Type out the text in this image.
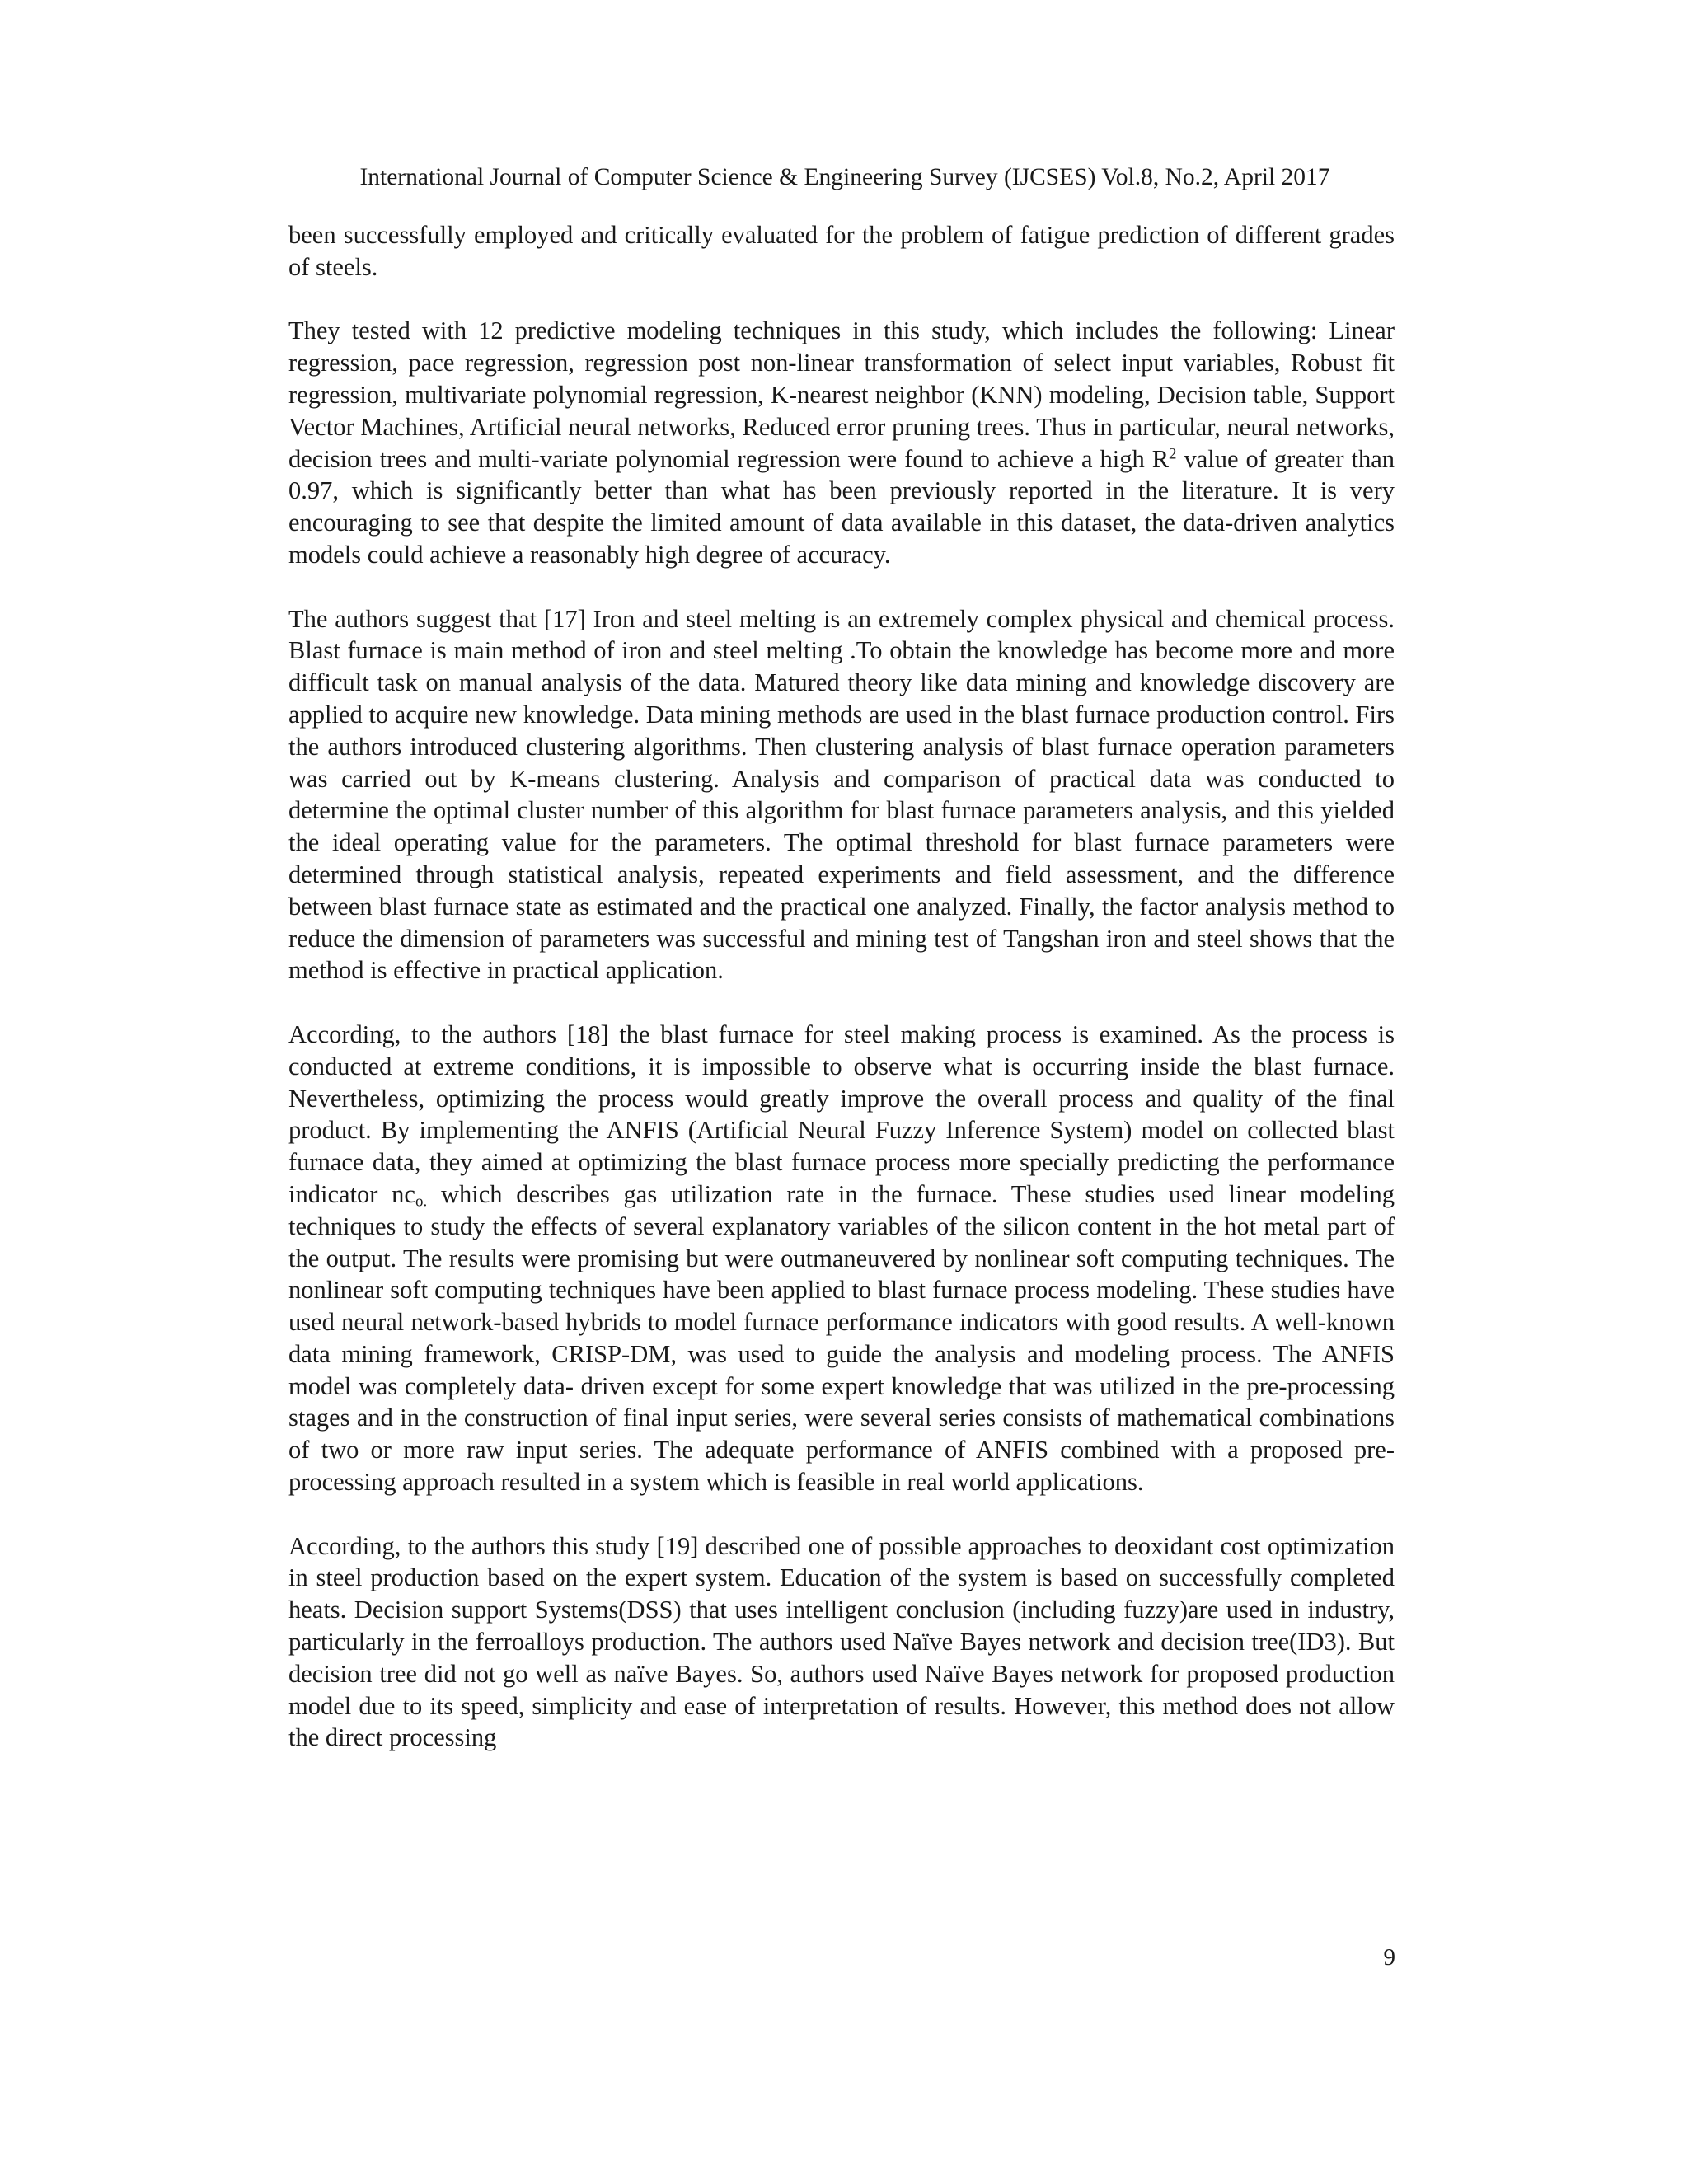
International Journal of Computer Science & Engineering Survey (IJCSES) Vol.8, No.2, April 2017

been successfully employed and critically evaluated for the problem of fatigue prediction of different grades of steels.

They tested with 12 predictive modeling techniques in this study, which includes the following: Linear regression, pace regression, regression post non-linear transformation of select input variables, Robust fit regression, multivariate polynomial regression, K-nearest neighbor (KNN) modeling, Decision table, Support Vector Machines, Artificial neural networks, Reduced error pruning trees. Thus in particular, neural networks, decision trees and multi-variate polynomial regression were found to achieve a high $R^2$ value of greater than 0.97, which is significantly better than what has been previously reported in the literature. It is very encouraging to see that despite the limited amount of data available in this dataset, the data-driven analytics models could achieve a reasonably high degree of accuracy.

The authors suggest that [17] Iron and steel melting is an extremely complex physical and chemical process. Blast furnace is main method of iron and steel melting .To obtain the knowledge has become more and more difficult task on manual analysis of the data. Matured theory like data mining and knowledge discovery are applied to acquire new knowledge. Data mining methods are used in the blast furnace production control. Firs the authors introduced clustering algorithms. Then clustering analysis of blast furnace operation parameters was carried out by K-means clustering. Analysis and comparison of practical data was conducted to determine the optimal cluster number of this algorithm for blast furnace parameters analysis, and this yielded the ideal operating value for the parameters. The optimal threshold for blast furnace parameters were determined through statistical analysis, repeated experiments and field assessment, and the difference between blast furnace state as estimated and the practical one analyzed. Finally, the factor analysis method to reduce the dimension of parameters was successful and mining test of Tangshan iron and steel shows that the method is effective in practical application.

According, to the authors [18] the blast furnace for steel making process is examined. As the process is conducted at extreme conditions, it is impossible to observe what is occurring inside the blast furnace. Nevertheless, optimizing the process would greatly improve the overall process and quality of the final product. By implementing the ANFIS (Artificial Neural Fuzzy Inference System) model on collected blast furnace data, they aimed at optimizing the blast furnace process more specially predicting the performance indicator $nc_{o.}$ which describes gas utilization rate in the furnace. These studies used linear modeling techniques to study the effects of several explanatory variables of the silicon content in the hot metal part of the output. The results were promising but were outmaneuvered by nonlinear soft computing techniques. The nonlinear soft computing techniques have been applied to blast furnace process modeling. These studies have used neural network-based hybrids to model furnace performance indicators with good results. A well-known data mining framework, CRISP-DM, was used to guide the analysis and modeling process. The ANFIS model was completely data- driven except for some expert knowledge that was utilized in the pre-processing stages and in the construction of final input series, were several series consists of mathematical combinations of two or more raw input series. The adequate performance of ANFIS combined with a proposed pre-processing approach resulted in a system which is feasible in real world applications.

According, to the authors this study [19] described one of possible approaches to deoxidant cost optimization in steel production based on the expert system. Education of the system is based on successfully completed heats. Decision support Systems(DSS) that uses intelligent conclusion (including fuzzy)are used in industry, particularly in the ferroalloys production. The authors used Naïve Bayes network and decision tree(ID3). But decision tree did not go well as naïve Bayes. So, authors used Naïve Bayes network for proposed production model due to its speed, simplicity and ease of interpretation of results. However, this method does not allow the direct processing

9
